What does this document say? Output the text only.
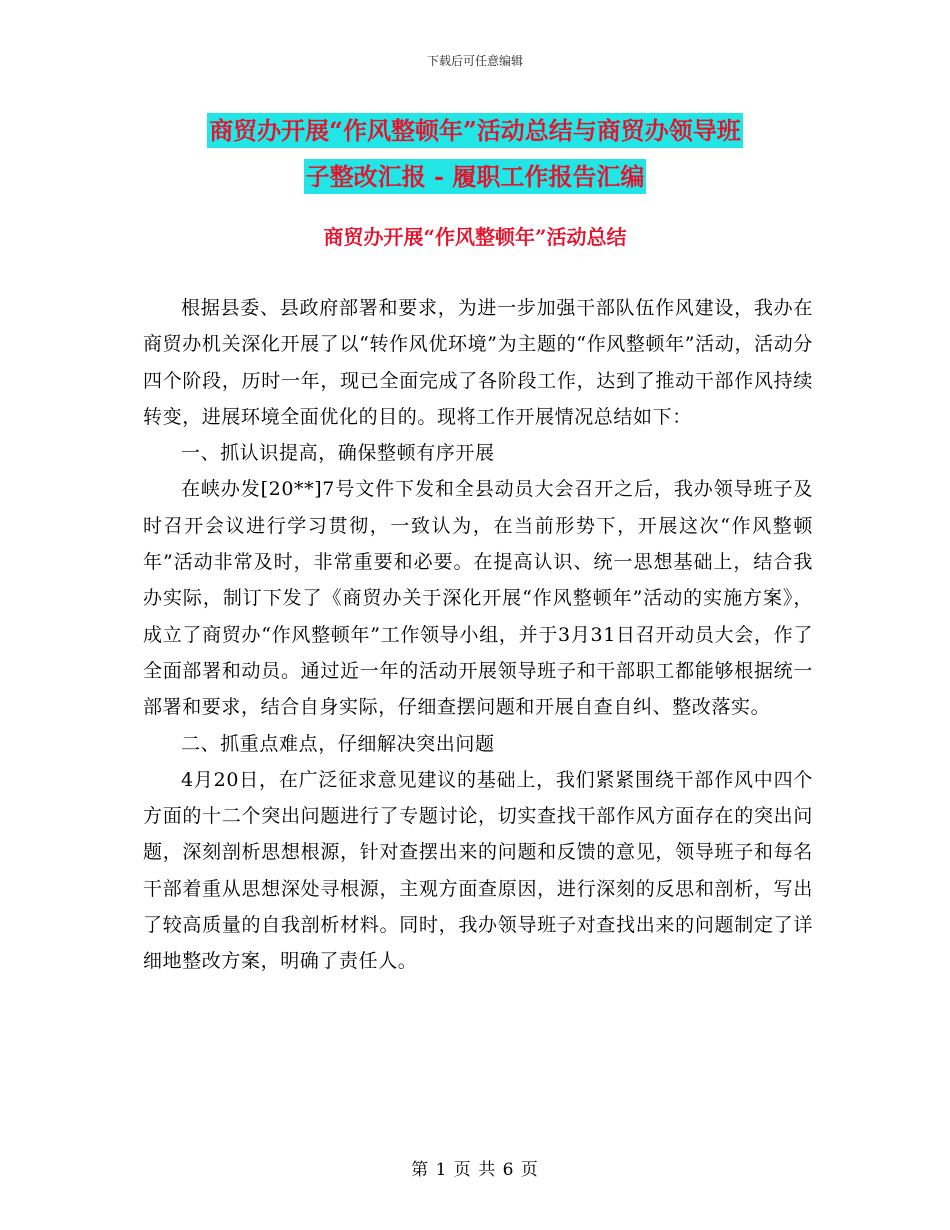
下载后可任意编辑
商贸办开展“作风整顿年”活动总结与商贸办领导班
子整改汇报 - 履职工作报告汇编
商贸办开展“作风整顿年”活动总结

根据县委、县政府部署和要求，为进一步加强干部队伍作风建设，我办在商贸办机关深化开展了以“转作风优环境”为主题的“作风整顿年”活动，活动分四个阶段，历时一年，现已全面完成了各阶段工作，达到了推动干部作风持续转变，进展环境全面优化的目的。现将工作开展情况总结如下：

一、抓认识提高，确保整顿有序开展

在峡办发[20**]7号文件下发和全县动员大会召开之后，我办领导班子及时召开会议进行学习贯彻，一致认为，在当前形势下，开展这次“作风整顿年”活动非常及时，非常重要和必要。在提高认识、统一思想基础上，结合我办实际，制订下发了《商贸办关于深化开展“作风整顿年”活动的实施方案》，成立了商贸办“作风整顿年”工作领导小组，并于3月31日召开动员大会，作了全面部署和动员。通过近一年的活动开展领导班子和干部职工都能够根据统一部署和要求，结合自身实际，仔细查摆问题和开展自查自纠、整改落实。

二、抓重点难点，仔细解决突出问题

4月20日，在广泛征求意见建议的基础上，我们紧紧围绕干部作风中四个方面的十二个突出问题进行了专题讨论，切实查找干部作风方面存在的突出问题，深刻剖析思想根源，针对查摆出来的问题和反馈的意见，领导班子和每名干部着重从思想深处寻根源，主观方面查原因，进行深刻的反思和剖析，写出了较高质量的自我剖析材料。同时，我办领导班子对查找出来的问题制定了详细地整改方案，明确了责任人。

第 1 页 共 6 页
